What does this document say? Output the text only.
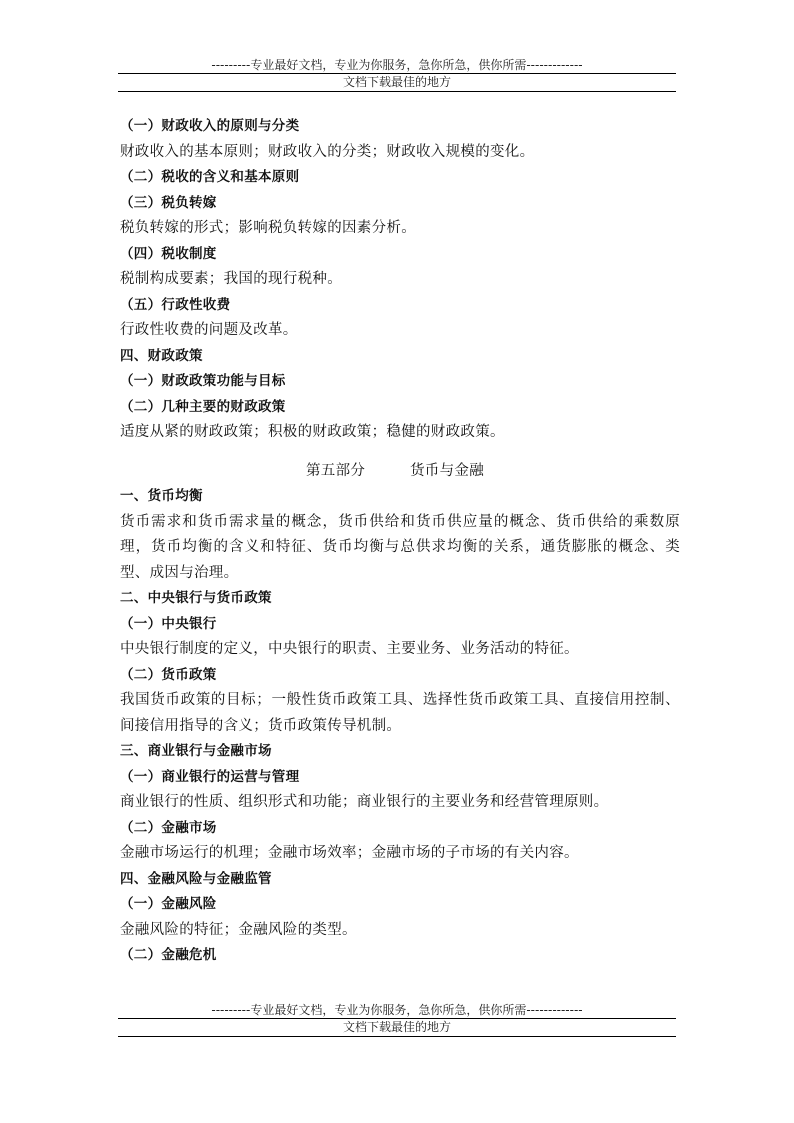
---------专业最好文档，专业为你服务，急你所急，供你所需-------------
文档下载最佳的地方
（一）财政收入的原则与分类
财政收入的基本原则；财政收入的分类；财政收入规模的变化。
（二）税收的含义和基本原则
（三）税负转嫁
税负转嫁的形式；影响税负转嫁的因素分析。
（四）税收制度
税制构成要素；我国的现行税种。
（五）行政性收费
行政性收费的问题及改革。
四、财政政策
（一）财政政策功能与目标
（二）几种主要的财政政策
适度从紧的财政政策；积极的财政政策；稳健的财政政策。
第五部分	货币与金融
一、货币均衡
货币需求和货币需求量的概念，货币供给和货币供应量的概念、货币供给的乘数原理，货币均衡的含义和特征、货币均衡与总供求均衡的关系，通货膨胀的概念、类型、成因与治理。
二、中央银行与货币政策
（一）中央银行
中央银行制度的定义，中央银行的职责、主要业务、业务活动的特征。
（二）货币政策
我国货币政策的目标；一般性货币政策工具、选择性货币政策工具、直接信用控制、间接信用指导的含义；货币政策传导机制。
三、商业银行与金融市场
（一）商业银行的运营与管理
商业银行的性质、组织形式和功能；商业银行的主要业务和经营管理原则。
（二）金融市场
金融市场运行的机理；金融市场效率；金融市场的子市场的有关内容。
四、金融风险与金融监管
（一）金融风险
金融风险的特征；金融风险的类型。
（二）金融危机
---------专业最好文档，专业为你服务，急你所急，供你所需-------------
文档下载最佳的地方
